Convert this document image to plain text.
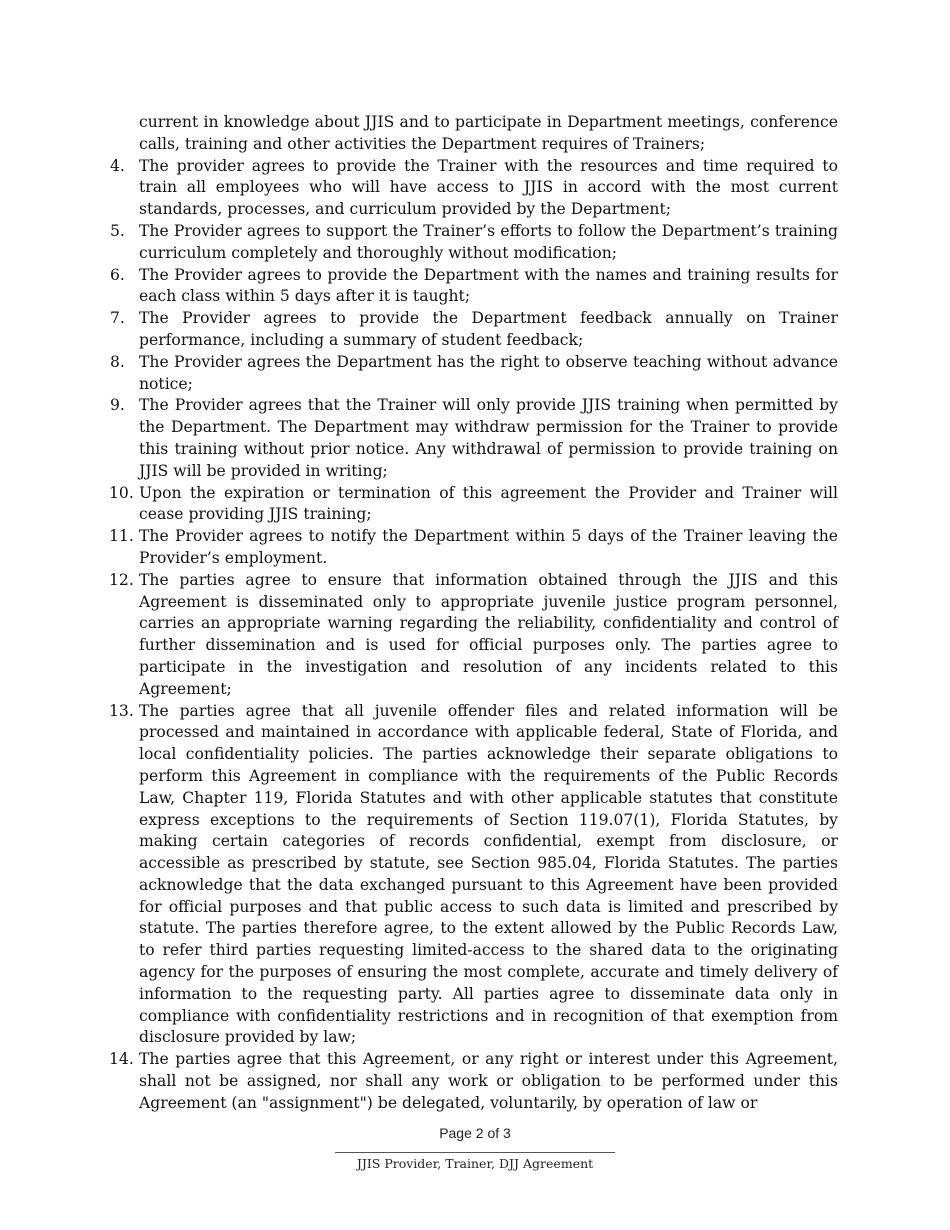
current in knowledge about JJIS and to participate in Department meetings, conference calls, training and other activities the Department requires of Trainers;

4. The provider agrees to provide the Trainer with the resources and time required to train all employees who will have access to JJIS in accord with the most current standards, processes, and curriculum provided by the Department;
5. The Provider agrees to support the Trainer’s efforts to follow the Department’s training curriculum completely and thoroughly without modification;
6. The Provider agrees to provide the Department with the names and training results for each class within 5 days after it is taught;
7. The Provider agrees to provide the Department feedback annually on Trainer performance, including a summary of student feedback;
8. The Provider agrees the Department has the right to observe teaching without advance notice;
9. The Provider agrees that the Trainer will only provide JJIS training when permitted by the Department. The Department may withdraw permission for the Trainer to provide this training without prior notice. Any withdrawal of permission to provide training on JJIS will be provided in writing;
10. Upon the expiration or termination of this agreement the Provider and Trainer will cease providing JJIS training;
11. The Provider agrees to notify the Department within 5 days of the Trainer leaving the Provider’s employment.
12. The parties agree to ensure that information obtained through the JJIS and this Agreement is disseminated only to appropriate juvenile justice program personnel, carries an appropriate warning regarding the reliability, confidentiality and control of further dissemination and is used for official purposes only. The parties agree to participate in the investigation and resolution of any incidents related to this Agreement;
13. The parties agree that all juvenile offender files and related information will be processed and maintained in accordance with applicable federal, State of Florida, and local confidentiality policies. The parties acknowledge their separate obligations to perform this Agreement in compliance with the requirements of the Public Records Law, Chapter 119, Florida Statutes and with other applicable statutes that constitute express exceptions to the requirements of Section 119.07(1), Florida Statutes, by making certain categories of records confidential, exempt from disclosure, or accessible as prescribed by statute, see Section 985.04, Florida Statutes. The parties acknowledge that the data exchanged pursuant to this Agreement have been provided for official purposes and that public access to such data is limited and prescribed by statute. The parties therefore agree, to the extent allowed by the Public Records Law, to refer third parties requesting limited-access to the shared data to the originating agency for the purposes of ensuring the most complete, accurate and timely delivery of information to the requesting party. All parties agree to disseminate data only in compliance with confidentiality restrictions and in recognition of that exemption from disclosure provided by law;
14. The parties agree that this Agreement, or any right or interest under this Agreement, shall not be assigned, nor shall any work or obligation to be performed under this Agreement (an "assignment") be delegated, voluntarily, by operation of law or
Page 2 of 3
JJIS Provider, Trainer, DJJ Agreement
